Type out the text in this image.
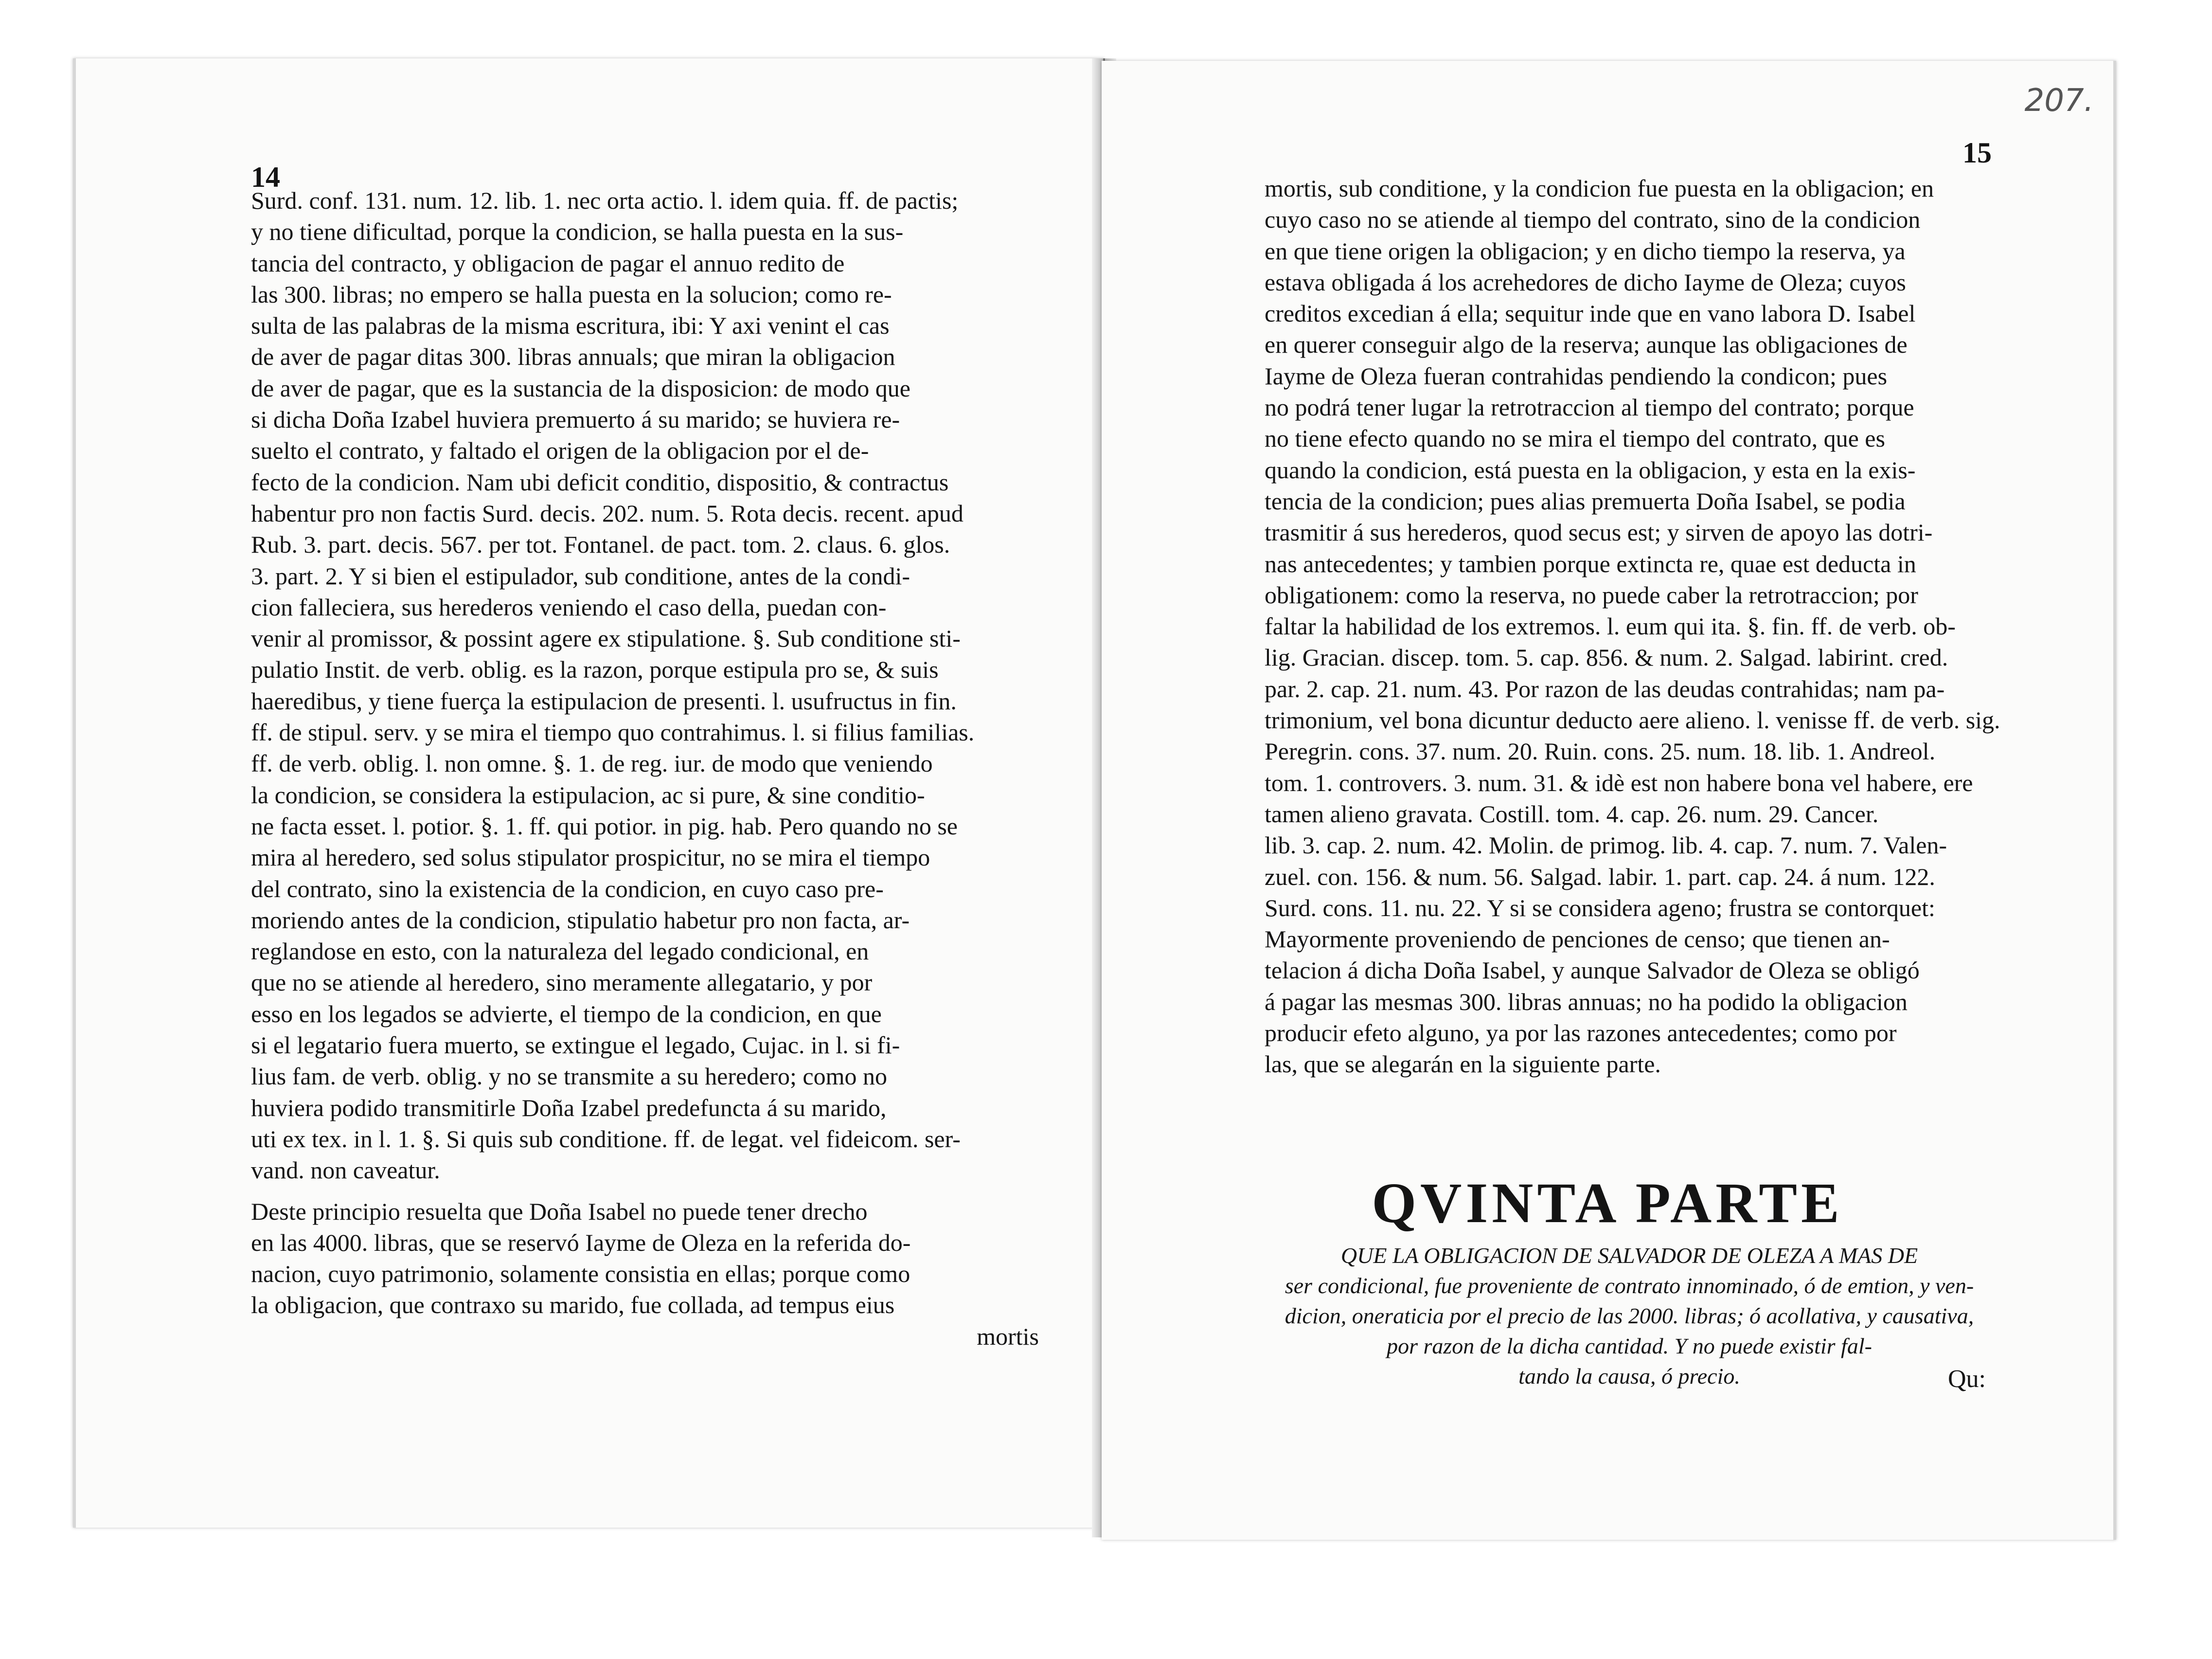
14
Surd. conf. 131. num. 12. lib. 1. nec orta actio. l. idem quia. ff. de pactis;
y no tiene dificultad, porque la condicion, se halla puesta en la sus-
tancia del contracto, y obligacion de pagar el annuo redito de
las 300. libras; no empero se halla puesta en la solucion; como re-
sulta de las palabras de la misma escritura, ibi: Y axi venint el cas
de aver de pagar ditas 300. libras annuals; que miran la obligacion
de aver de pagar, que es la sustancia de la disposicion: de modo que
si dicha Doña Izabel huviera premuerto á su marido; se huviera re-
suelto el contrato, y faltado el origen de la obligacion por el de-
fecto de la condicion. Nam ubi deficit conditio, dispositio, & contractus
habentur pro non factis Surd. decis. 202. num. 5. Rota decis. recent. apud
Rub. 3. part. decis. 567. per tot. Fontanel. de pact. tom. 2. claus. 6. glos.
3. part. 2. Y si bien el estipulador, sub conditione, antes de la condi-
cion falleciera, sus herederos veniendo el caso della, puedan con-
venir al promissor, & possint agere ex stipulatione. §. Sub conditione sti-
pulatio Instit. de verb. oblig. es la razon, porque estipula pro se, & suis
haeredibus, y tiene fuerça la estipulacion de presenti. l. usufructus in fin.
ff. de stipul. serv. y se mira el tiempo quo contrahimus. l. si filius familias.
ff. de verb. oblig. l. non omne. §. 1. de reg. iur. de modo que veniendo
la condicion, se considera la estipulacion, ac si pure, & sine conditio-
ne facta esset. l. potior. §. 1. ff. qui potior. in pig. hab. Pero quando no se
mira al heredero, sed solus stipulator prospicitur, no se mira el tiempo
del contrato, sino la existencia de la condicion, en cuyo caso pre-
moriendo antes de la condicion, stipulatio habetur pro non facta, ar-
reglandose en esto, con la naturaleza del legado condicional, en
que no se atiende al heredero, sino meramente allegatario, y por
esso en los legados se advierte, el tiempo de la condicion, en que
si el legatario fuera muerto, se extingue el legado, Cujac. in l. si fi-
lius fam. de verb. oblig. y no se transmite a su heredero; como no
huviera podido transmitirle Doña Izabel predefuncta á su marido,
uti ex tex. in l. 1. §. Si quis sub conditione. ff. de legat. vel fideicom. ser-
vand. non caveatur.
Deste principio resuelta que Doña Isabel no puede tener drecho
en las 4000. libras, que se reservó Iayme de Oleza en la referida do-
nacion, cuyo patrimonio, solamente consistia en ellas; porque como
la obligacion, que contraxo su marido, fue collada, ad tempus eius
mortis
207.
15
mortis, sub conditione, y la condicion fue puesta en la obligacion; en
cuyo caso no se atiende al tiempo del contrato, sino de la condicion
en que tiene origen la obligacion; y en dicho tiempo la reserva, ya
estava obligada á los acrehedores de dicho Iayme de Oleza; cuyos
creditos excedian á ella; sequitur inde que en vano labora D. Isabel
en querer conseguir algo de la reserva; aunque las obligaciones de
Iayme de Oleza fueran contrahidas pendiendo la condicon; pues
no podrá tener lugar la retrotraccion al tiempo del contrato; porque
no tiene efecto quando no se mira el tiempo del contrato, que es
quando la condicion, está puesta en la obligacion, y esta en la exis-
tencia de la condicion; pues alias premuerta Doña Isabel, se podia
trasmitir á sus herederos, quod secus est; y sirven de apoyo las dotri-
nas antecedentes; y tambien porque extincta re, quae est deducta in
obligationem: como la reserva, no puede caber la retrotraccion; por
faltar la habilidad de los extremos. l. eum qui ita. §. fin. ff. de verb. ob-
lig. Gracian. discep. tom. 5. cap. 856. & num. 2. Salgad. labirint. cred.
par. 2. cap. 21. num. 43. Por razon de las deudas contrahidas; nam pa-
trimonium, vel bona dicuntur deducto aere alieno. l. venisse ff. de verb. sig.
Peregrin. cons. 37. num. 20. Ruin. cons. 25. num. 18. lib. 1. Andreol.
tom. 1. controvers. 3. num. 31. & idè est non habere bona vel habere, ere
tamen alieno gravata. Costill. tom. 4. cap. 26. num. 29. Cancer.
lib. 3. cap. 2. num. 42. Molin. de primog. lib. 4. cap. 7. num. 7. Valen-
zuel. con. 156. & num. 56. Salgad. labir. 1. part. cap. 24. á num. 122.
Surd. cons. 11. nu. 22. Y si se considera ageno; frustra se contorquet:
Mayormente proveniendo de penciones de censo; que tienen an-
telacion á dicha Doña Isabel, y aunque Salvador de Oleza se obligó
á pagar las mesmas 300. libras annuas; no ha podido la obligacion
producir efeto alguno, ya por las razones antecedentes; como por
las, que se alegarán en la siguiente parte.
QVINTA PARTE
QUE LA OBLIGACION DE SALVADOR DE OLEZA A MAS DE
ser condicional, fue proveniente de contrato innominado, ó de emtion, y ven-
dicion, oneraticia por el precio de las 2000. libras; ó acollativa, y causativa,
por razon de la dicha cantidad. Y no puede existir fal-
tando la causa, ó precio.	Qu:
